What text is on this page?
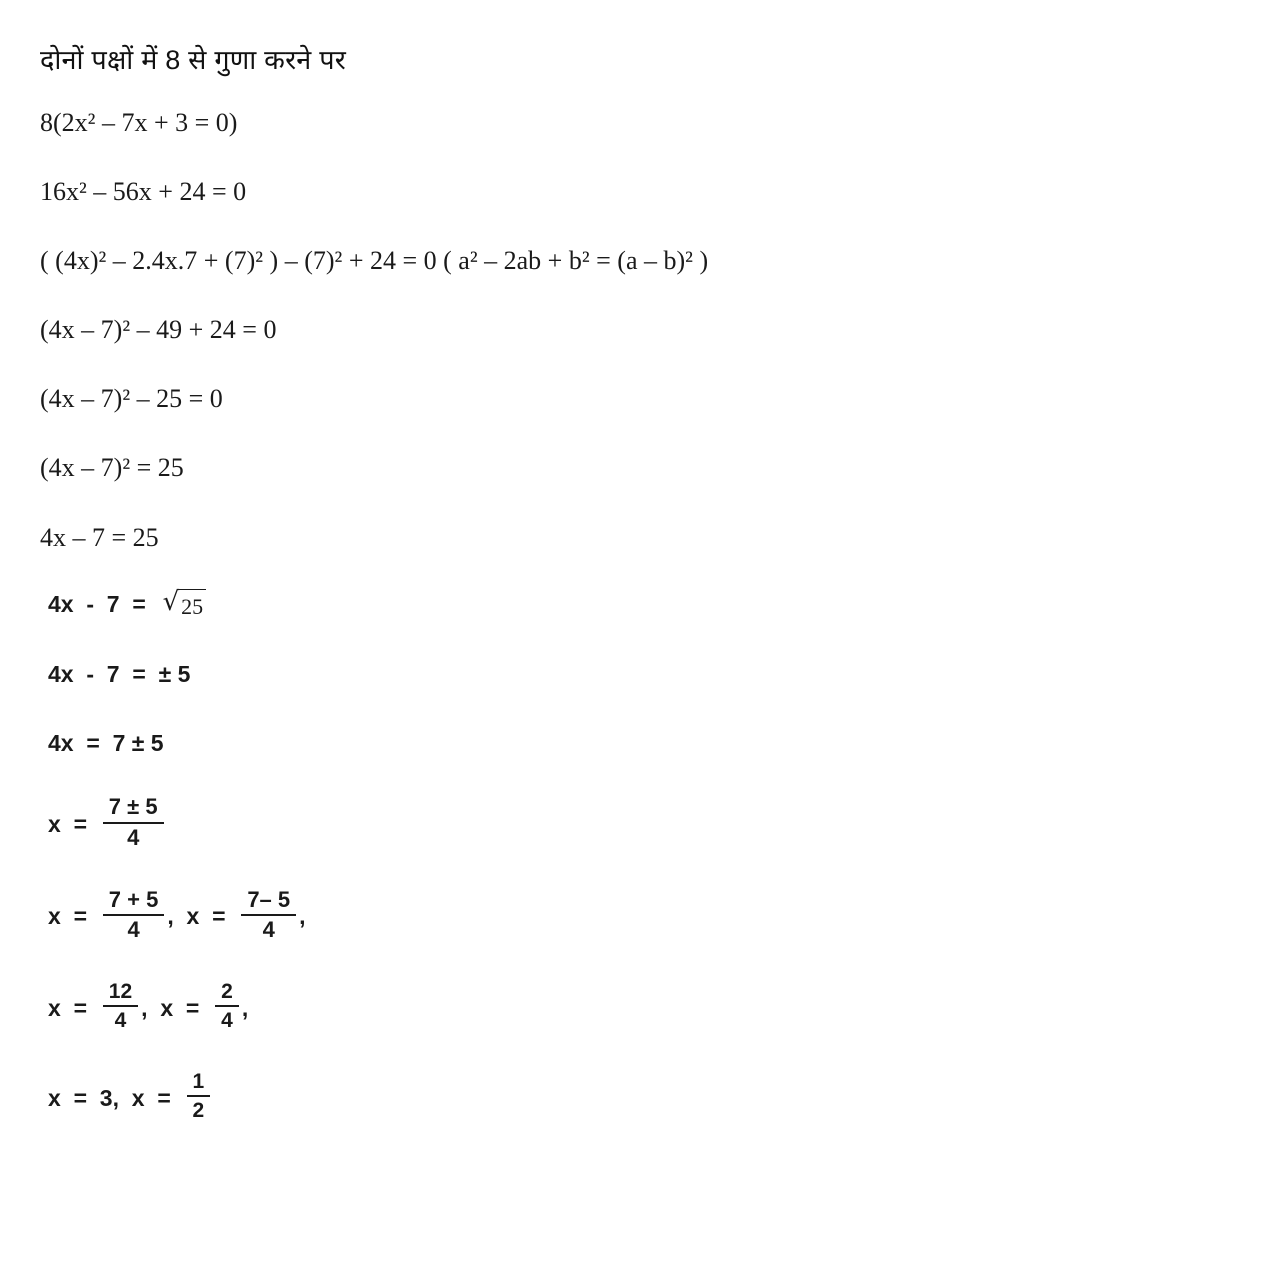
दोनों पक्षों में 8 से गुणा करने पर

8(2x² – 7x + 3 = 0)

16x² – 56x + 24 = 0

( (4x)² – 2.4x.7 + (7)² ) – (7)² + 24 = 0 ( a² – 2ab + b² = (a – b)² )

(4x – 7)² – 49 + 24 = 0

(4x – 7)² – 25 = 0

(4x – 7)² = 25

4x – 7 = 25

4x  -  7  = √ 25
4x  -  7  =  ± 5
4x  =  7 ± 5
$x = \frac{7 \pm 5}{4}$
$x = \frac{7 + 5}{4}$ , $x = \frac{7- 5}{4}$ ,
$x = \frac{12}{4}$ , $x = \frac{2}{4}$ ,
x  =  3, $x = \frac{1}{2}$
